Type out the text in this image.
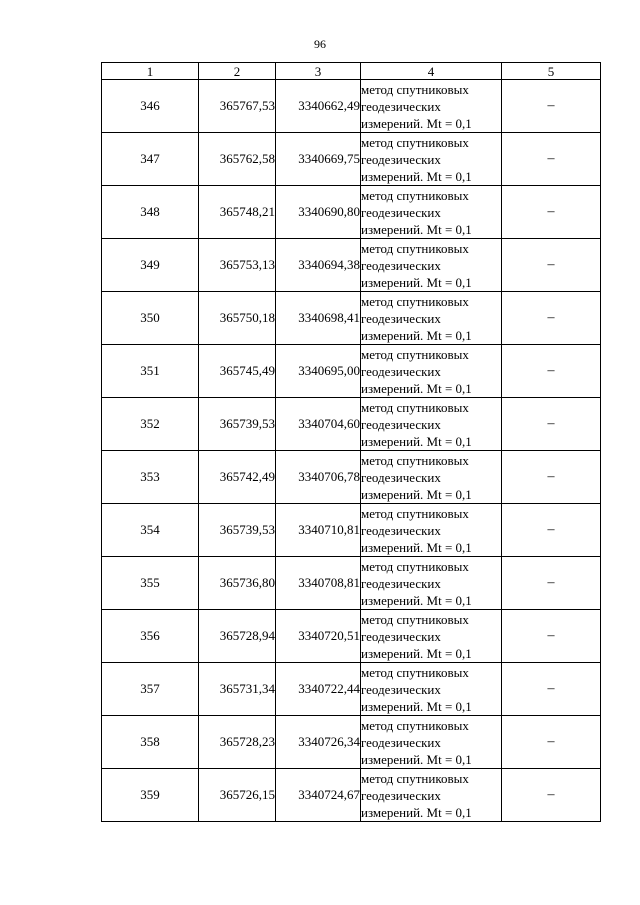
96
1	2	3	4	5
346	365767,53	3340662,49	метод спутниковых геодезических измерений. Mt = 0,1	–
347	365762,58	3340669,75	метод спутниковых геодезических измерений. Mt = 0,1	–
348	365748,21	3340690,80	метод спутниковых геодезических измерений. Mt = 0,1	–
349	365753,13	3340694,38	метод спутниковых геодезических измерений. Mt = 0,1	–
350	365750,18	3340698,41	метод спутниковых геодезических измерений. Mt = 0,1	–
351	365745,49	3340695,00	метод спутниковых геодезических измерений. Mt = 0,1	–
352	365739,53	3340704,60	метод спутниковых геодезических измерений. Mt = 0,1	–
353	365742,49	3340706,78	метод спутниковых геодезических измерений. Mt = 0,1	–
354	365739,53	3340710,81	метод спутниковых геодезических измерений. Mt = 0,1	–
355	365736,80	3340708,81	метод спутниковых геодезических измерений. Mt = 0,1	–
356	365728,94	3340720,51	метод спутниковых геодезических измерений. Mt = 0,1	–
357	365731,34	3340722,44	метод спутниковых геодезических измерений. Mt = 0,1	–
358	365728,23	3340726,34	метод спутниковых геодезических измерений. Mt = 0,1	–
359	365726,15	3340724,67	метод спутниковых геодезических измерений. Mt = 0,1	–
